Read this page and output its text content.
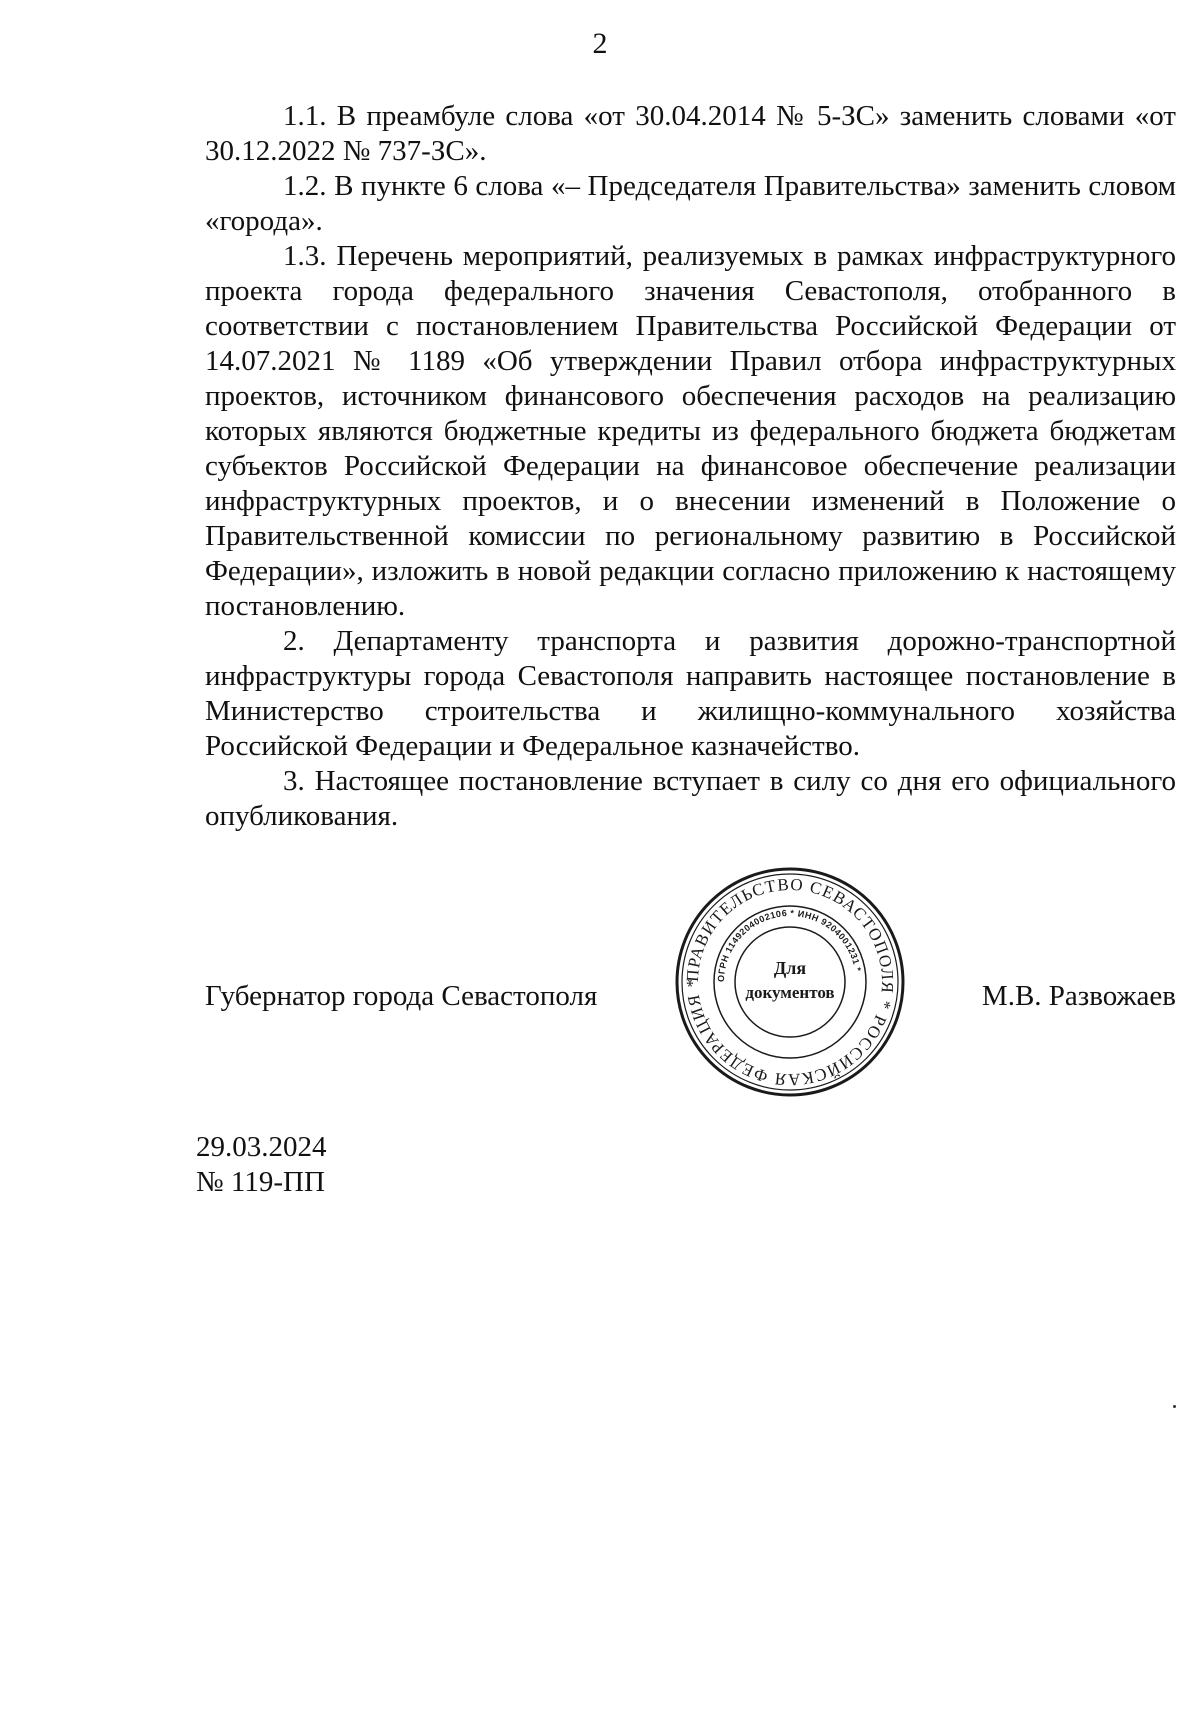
2

1.1. В преамбуле слова «от 30.04.2014 № 5-ЗС» заменить словами «от 30.12.2022 № 737-ЗС».

1.2. В пункте 6 слова «– Председателя Правительства» заменить словом «города».

1.3. Перечень мероприятий, реализуемых в рамках инфраструктурного проекта города федерального значения Севастополя, отобранного в соответствии с постановлением Правительства Российской Федерации от 14.07.2021 № 1189 «Об утверждении Правил отбора инфраструктурных проектов, источником финансового обеспечения расходов на реализацию которых являются бюджетные кредиты из федерального бюджета бюджетам субъектов Российской Федерации на финансовое обеспечение реализации инфраструктурных проектов, и о внесении изменений в Положение о Правительственной комиссии по региональному развитию в Российской Федерации», изложить в новой редакции согласно приложению к настоящему постановлению.

2. Департаменту транспорта и развития дорожно-транспортной инфраструктуры города Севастополя направить настоящее постановление в Министерство строительства и жилищно-коммунального хозяйства Российской Федерации и Федеральное казначейство.

3. Настоящее постановление вступает в силу со дня его официального опубликования.

Губернатор города Севастополя	М.В. Развожаев
ПРАВИТЕЛЬСТВО СЕВАСТОПОЛЯ * РОССИЙСКАЯ ФЕДЕРАЦИЯ *	ОГРН 1149204002106 * ИНН 9204001231 *
Для
документов
29.03.2024
№ 119-ПП
